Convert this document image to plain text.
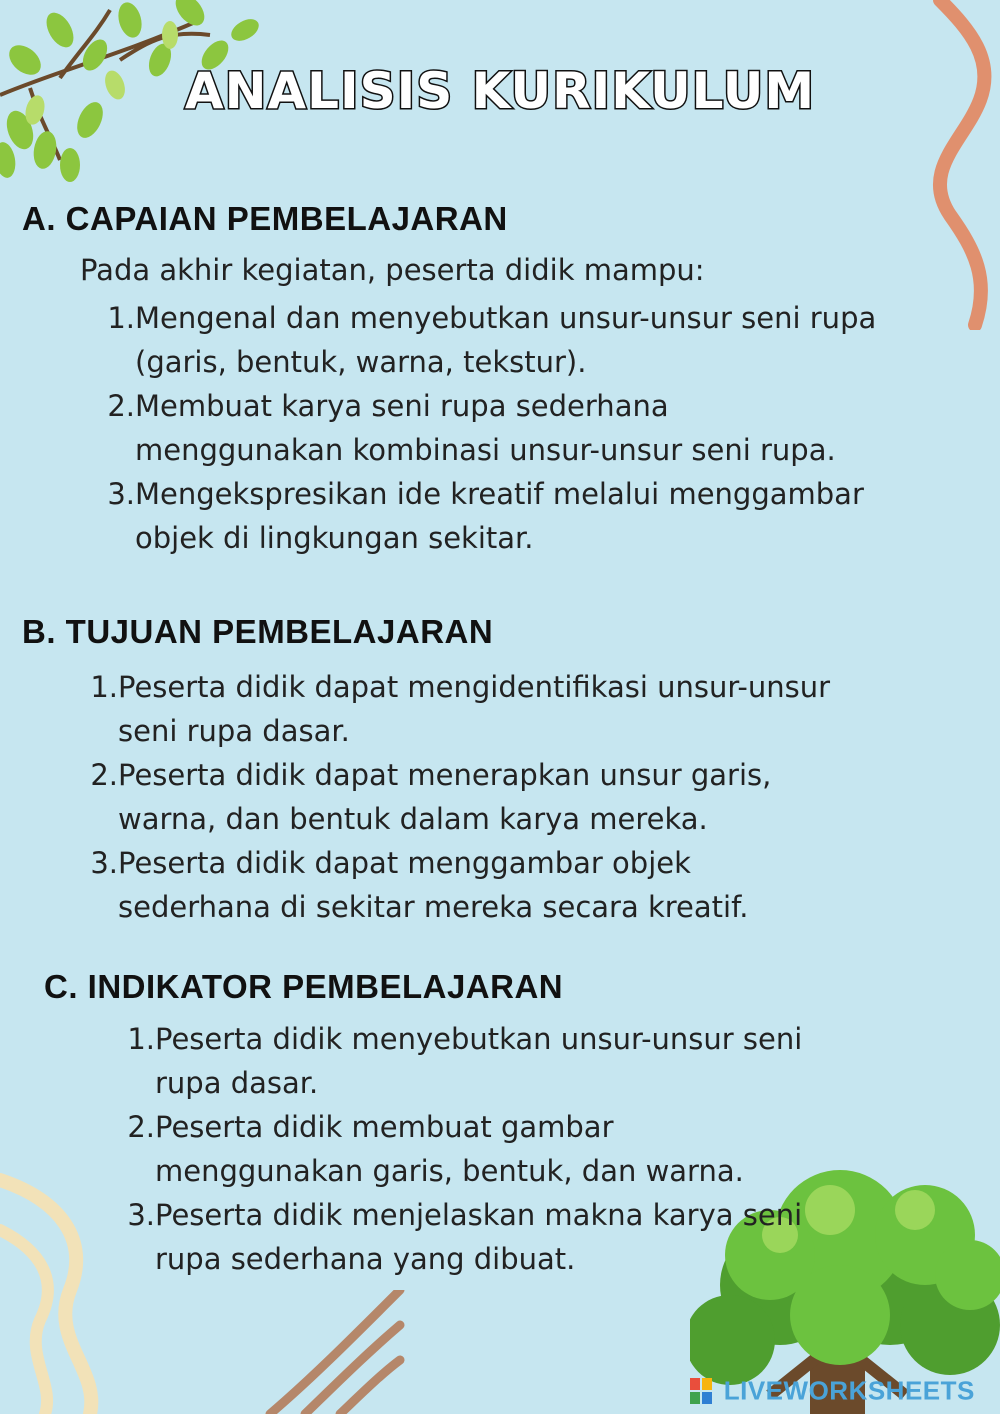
ANALISIS KURIKULUM
A. CAPAIAN PEMBELAJARAN
Pada akhir kegiatan, peserta didik mampu:
1. Mengenal dan menyebutkan unsur-unsur seni rupa
(garis, bentuk, warna, tekstur).
2. Membuat karya seni rupa sederhana
menggunakan kombinasi unsur-unsur seni rupa.
3. Mengekspresikan ide kreatif melalui menggambar
objek di lingkungan sekitar.
B. TUJUAN PEMBELAJARAN
1. Peserta didik dapat mengidentifikasi unsur-unsur
seni rupa dasar.
2. Peserta didik dapat menerapkan unsur garis,
warna, dan bentuk dalam karya mereka.
3. Peserta didik dapat menggambar objek
sederhana di sekitar mereka secara kreatif.
C. INDIKATOR PEMBELAJARAN
1. Peserta didik menyebutkan unsur-unsur seni
rupa dasar.
2. Peserta didik membuat gambar
menggunakan garis, bentuk, dan warna.
3. Peserta didik menjelaskan makna karya seni
rupa sederhana yang dibuat.
LIVEWORKSHEETS
